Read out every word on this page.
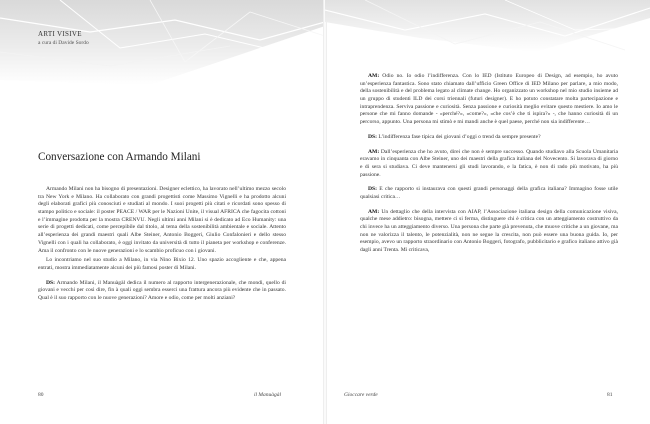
ARTI VISIVE
a cura di Davide Sordo
Conversazione con Armando Milani

Armando Milani non ha bisogno di presentazioni. Designer eclettico, ha lavorato nell’ultimo mezzo secolo tra New York e Milano. Ha collaborato con grandi progettisti come Massimo Vignelli e ha prodotto alcuni degli elaborati grafici più conosciuti e studiati al mondo. I suoi progetti più citati e ricordati sono spesso di stampo politico e sociale: il poster PEACE / WAR per le Nazioni Unite, il visual AFRICA che fagocita cottoni e l’immagine prodotta per la mostra CRENVU. Negli ultimi anni Milani si è dedicato ad Eco Humanity: una serie di progetti dedicati, come percepibile dal titolo, al tema della sostenibilità ambientale e sociale. Attento all’esperienza dei grandi maestri quali Albe Steiner, Antonio Boggeri, Giulio Confalonieri e dello stesso Vignelli con i quali ha collaborato, è oggi invitato da università di tutto il pianeta per workshop e conferenze. Ama il confronto con le nuove generazioni e lo scambio proficuo con i giovani.

Lo incontriamo nel suo studio a Milano, in via Nino Bixio 12. Uno spazio accogliente e che, appena entrati, mostra immediatamente alcuni dei più famosi poster di Milani.

DS: Armando Milani, il Manuàgàl dedica il numero al rapporto intergenerazionale, che mondi, quello di giovani e vecchi per così dire, fin à quali oggi sembra esserci una frattura ancora più evidente che in passato. Qual è il suo rapporto con le nuove generazioni? Amore e odio, come per molti anziani?

80	il Manuàgàl

AM: Odio no. Io odio l’indifferenza. Con lo IED (Istituto Europeo di Design, ad esempio, ho avuto un’esperienza fantastica. Sono stato chiamato dall’ufficio Green Office di IED Milano per parlare, a mio modo, della sostenibilità e del problema legato al climate change. Ho organizzato un workshop nel mio studio insieme ad un gruppo di studenti ILD dei corsi triennali (futuri designer). E ho potuto constatare molta partecipazione e intraprendenza. Serviva passione e curiosità. Senza passione e curiosità meglio evitare questo mestiere. Io amo le persone che mi fanno domande - «perché?», «come?», «che cos’è che ti ispira?» -, che hanno curiosità di un percorso, appunto. Una persona mi stimò e mi mandi anche è quel paese, perché non sia indifferente…

DS: L’indifferenza fase tipica dei giovani d’oggi o trend da sempre presente?

AM: Dall’esperienza che ho avuto, direi che non è sempre successo. Quando studiavo alla Scuola Umanitaria eravamo in cinquanta con Albe Steiner, uno dei maestri della grafica italiana del Novecento. Si lavorava di giorno e di sera si studiava. Ci deve mantenersi gli studi lavorando, e la fatica, è non di rado più motivato, ha più passione.

DS: E che rapporto si instaurava con questi grandi personaggi della grafica italiana? Immagino fosse utile qualsiasi critica…

AM: Un dettaglio che della intervista con AIAP, l’Associazione italiana design della comunicazione visiva, qualche mese addietro: bisogna, mettere ci si ferma, distinguere chi è critica con un atteggiamento costruttivo da chi invece ha un atteggiamento diverso. Una persona che parte già prevenuta, che muove critiche a un giovane, ma non ne valorizza il talento, le potenzialità, non ne segue la crescita, non può essere una buona guida. Io, per esempio, avevo un rapporto straordinario con Antonio Boggeri, fotografo, pubblicitario e grafico italiano attivo già dagli anni Trenta. Mi criticava,

Gioccare verde	81
